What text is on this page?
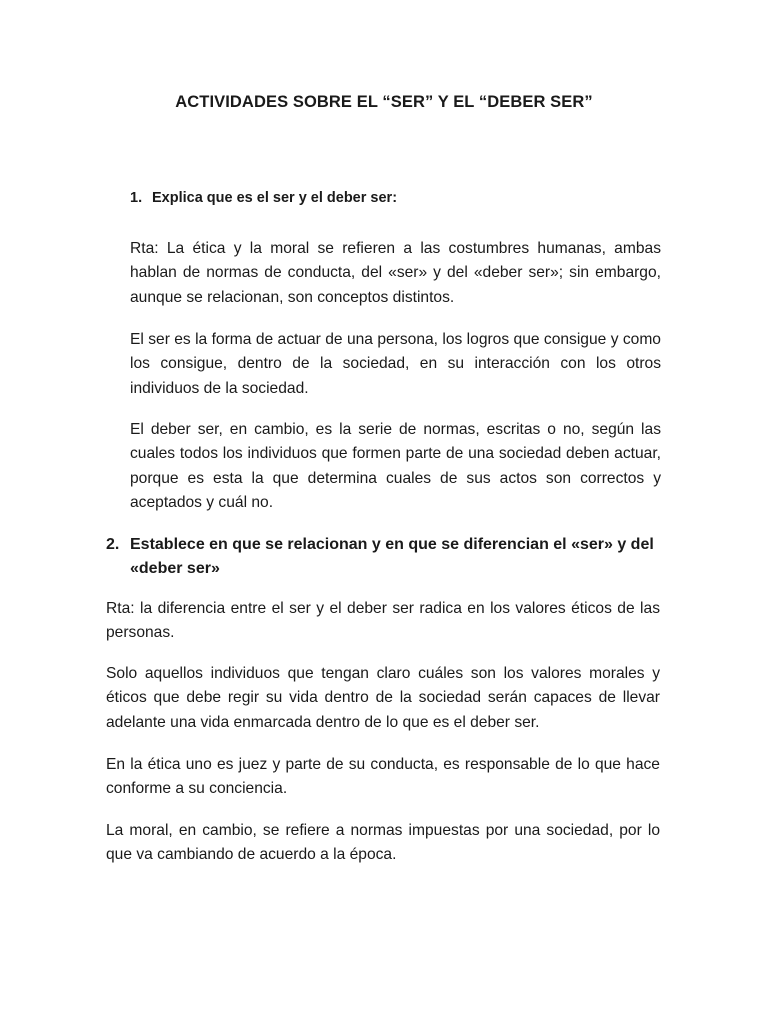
ACTIVIDADES SOBRE EL “SER” Y EL “DEBER SER”
1. Explica que es el ser y el deber ser:

Rta: La ética y la moral se refieren a las costumbres humanas, ambas hablan de normas de conducta, del «ser» y del «deber ser»; sin embargo, aunque se relacionan, son conceptos distintos.

El ser es la forma de actuar de una persona, los logros que consigue y como los consigue, dentro de la sociedad, en su interacción con los otros individuos de la sociedad.

El deber ser, en cambio, es la serie de normas, escritas o no, según las cuales todos los individuos que formen parte de una sociedad deben actuar, porque es esta la que determina cuales de sus actos son correctos y aceptados y cuál no.

2. Establece en que se relacionan y en que se diferencian el «ser» y del «deber ser»

Rta: la diferencia entre el ser y el deber ser radica en los valores éticos de las personas.

Solo aquellos individuos que tengan claro cuáles son los valores morales y éticos que debe regir su vida dentro de la sociedad serán capaces de llevar adelante una vida enmarcada dentro de lo que es el deber ser.

En la ética uno es juez y parte de su conducta, es responsable de lo que hace conforme a su conciencia.

La moral, en cambio, se refiere a normas impuestas por una sociedad, por lo que va cambiando de acuerdo a la época.
